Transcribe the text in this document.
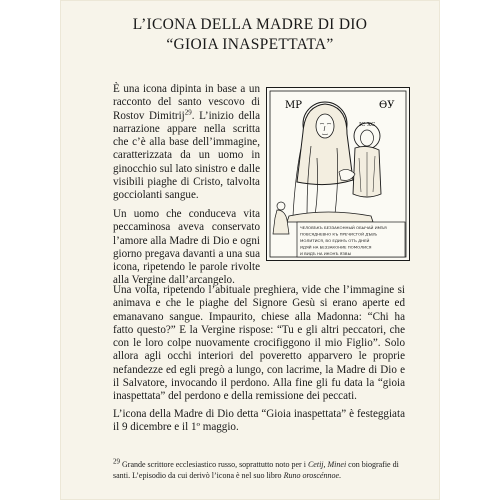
L’ICONA DELLA MADRE DI DIO
“GIOIA INASPETTATA”

È una icona dipinta in base a un racconto del santo vescovo di Rostov Dimitrij$^{29}$. L’inizio della narrazione appare nella scritta che c’è alla base dell’immagine, caratterizzata da un uomo in ginocchio sul lato sinistro e dalle visibili piaghe di Cristo, talvolta gocciolanti sangue.

Un uomo che conduceva vita peccaminosa aveva conservato l’amore alla Madre di Dio e ogni giorno pregava davanti a una sua icona, ripetendo le parole rivolte alla Vergine dall’arcangelo.

МР	ѲУ
IC XC
ЧЕЛОВѢКЪ БЕЗЗАКОННЫЙ ОБЫЧАЙ ИМѢЯ
ПОВСЯДНЕВНО КЪ ПРЕЧИСТОЙ ДѢВѢ
МОЛИТИСЯ, ВО ЕДИНЪ ОТЪ ДНЕЙ
ИДЯЙ НА БЕЗЗАКОНИЕ ПОМОЛИСЯ
И ВИДѢ НА ИКОНѢ ЯЗВЫ

Una volta, ripetendo l’abituale preghiera, vide che l’immagine si animava e che le piaghe del Signore Gesù si erano aperte ed emanavano sangue. Impaurito, chiese alla Madonna: “Chi ha fatto questo?” E la Vergine rispose: “Tu e gli altri peccatori, che con le loro colpe nuovamente crocifiggono il mio Figlio”. Solo allora agli occhi interiori del poveretto apparvero le proprie nefandezze ed egli pregò a lungo, con lacrime, la Madre di Dio e il Salvatore, invocando il perdono. Alla fine gli fu data la “gioia inaspettata” del perdono e della remissione dei peccati.

L’icona della Madre di Dio detta “Gioia inaspettata” è festeggiata il 9 dicembre e il 1º maggio.

$^{29}$ Grande scrittore ecclesiastico russo, soprattutto noto per i Cetij, Minei con biografie di santi. L’episodio da cui derivò l’icona è nel suo libro Runo oroscénnoe.
